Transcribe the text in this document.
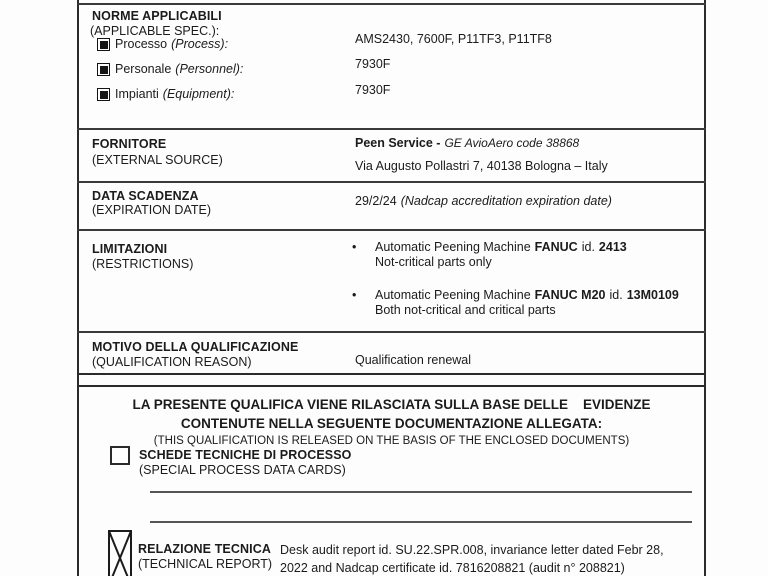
NORME APPLICABILI
(APPLICABLE SPEC.):
Processo (Process):
Personale (Personnel):
Impianti (Equipment):
AMS2430, 7600F, P11TF3, P11TF8
7930F
7930F
FORNITORE
(EXTERNAL SOURCE)
Peen Service - GE AvioAero code 38868
Via Augusto Pollastri 7, 40138 Bologna – Italy
DATA SCADENZA
(EXPIRATION DATE)
29/2/24 (Nadcap accreditation expiration date)
LIMITAZIONI
(RESTRICTIONS)
• Automatic Peening Machine FANUC id. 2413
Not-critical parts only
• Automatic Peening Machine FANUC M20 id. 13M0109
Both not-critical and critical parts
MOTIVO DELLA QUALIFICAZIONE
(QUALIFICATION REASON)	Qualification renewal
LA PRESENTE QUALIFICA VIENE RILASCIATA SULLA BASE DELLE    EVIDENZE
CONTENUTE NELLA SEGUENTE DOCUMENTAZIONE ALLEGATA:
(THIS QUALIFICATION IS RELEASED ON THE BASIS OF THE ENCLOSED DOCUMENTS)
SCHEDE TECNICHE DI PROCESSO
(SPECIAL PROCESS DATA CARDS)
RELAZIONE TECNICA
(TECHNICAL REPORT)
Desk audit report id. SU.22.SPR.008, invariance letter dated Febr 28,
2022 and Nadcap certificate id. 7816208821 (audit n° 208821)
